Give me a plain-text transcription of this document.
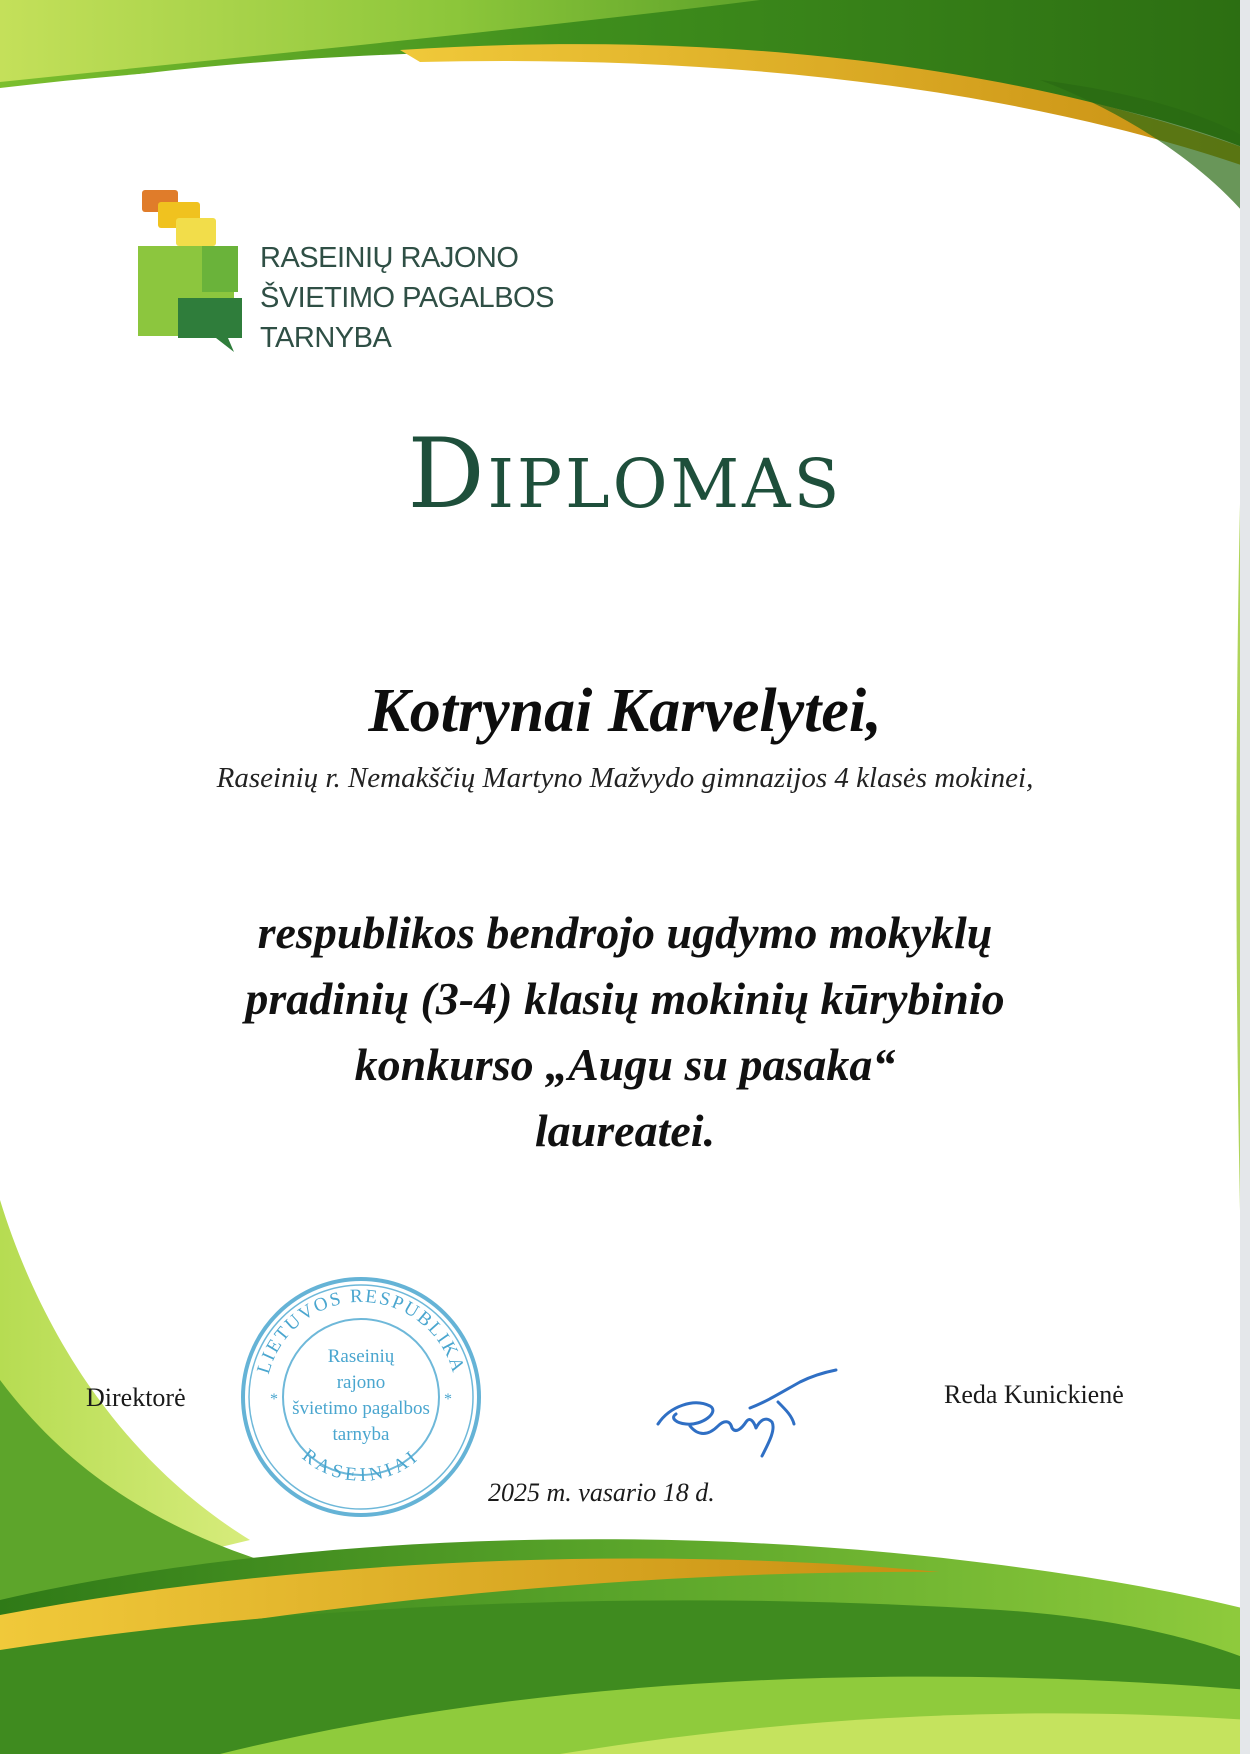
RASEINIŲ RAJONO
ŠVIETIMO PAGALBOS
TARNYBA
Diplomas
Kotrynai Karvelytei,
Raseinių r. Nemakščių Martyno Mažvydo gimnazijos 4 klasės mokinei,
respublikos bendrojo ugdymo mokyklų
pradinių (3-4) klasių mokinių kūrybinio
konkurso „Augu su pasaka“
laureatei.
LIETUVOS RESPUBLIKA
RASEINIAI
*	*
Raseinių
rajono
švietimo pagalbos
tarnyba
Direktorė	Reda Kunickienė
2025 m. vasario 18 d.
